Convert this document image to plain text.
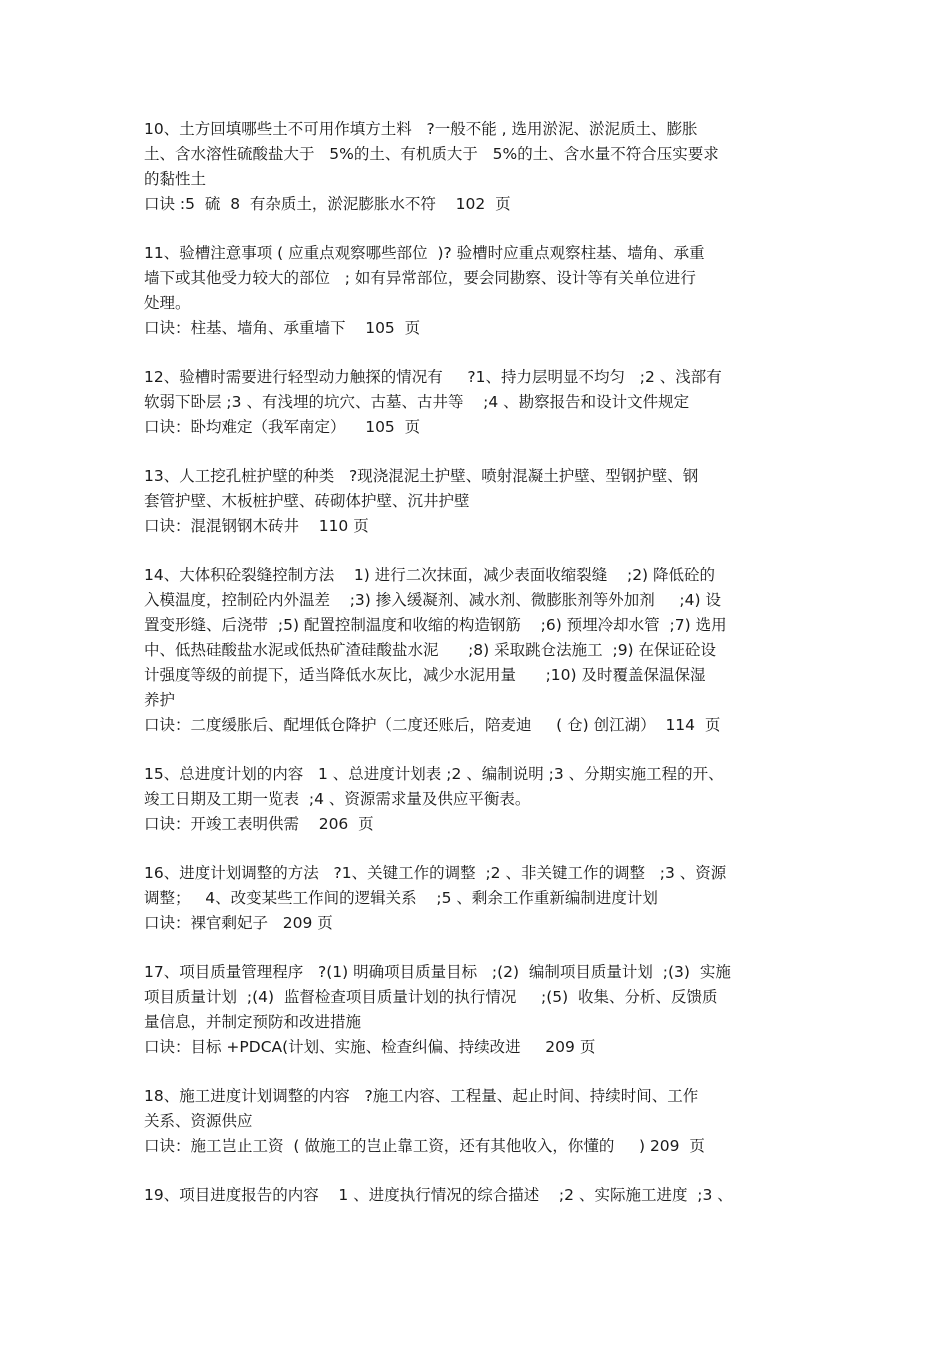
10、土方回填哪些土不可用作填方土料   ?一般不能 , 选用淤泥、淤泥质土、膨胀
土、含水溶性硫酸盐大于   5%的土、有机质大于   5%的土、含水量不符合压实要求
的黏性土
口诀 :5  硫  8  有杂质土，淤泥膨胀水不符    102  页
11、验槽注意事项 ( 应重点观察哪些部位  )? 验槽时应重点观察柱基、墙角、承重
墙下或其他受力较大的部位   ; 如有异常部位，要会同勘察、设计等有关单位进行
处理。
口诀：柱基、墙角、承重墙下    105  页
12、验槽时需要进行轻型动力触探的情况有     ?1、持力层明显不均匀   ;2 、浅部有
软弱下卧层 ;3 、有浅埋的坑穴、古墓、古井等    ;4 、勘察报告和设计文件规定
口诀：卧均难定（我军南定）    105  页
13、人工挖孔桩护壁的种类   ?现浇混泥土护壁、喷射混凝土护壁、型钢护壁、钢
套管护壁、木板桩护壁、砖砌体护壁、沉井护壁
口诀：混混钢钢木砖井    110 页
14、大体积砼裂缝控制方法    1) 进行二次抹面，减少表面收缩裂缝    ;2) 降低砼的
入模温度，控制砼内外温差    ;3) 掺入缓凝剂、减水剂、微膨胀剂等外加剂     ;4) 设
置变形缝、后浇带  ;5) 配置控制温度和收缩的构造钢筋    ;6) 预埋冷却水管  ;7) 选用
中、低热硅酸盐水泥或低热矿渣硅酸盐水泥      ;8) 采取跳仓法施工  ;9) 在保证砼设
计强度等级的前提下，适当降低水灰比，减少水泥用量      ;10) 及时覆盖保温保湿
养护
口诀：二度缓胀后、配埋低仓降护（二度还账后，陪麦迪     ( 仓) 创江湖）  114  页
15、总进度计划的内容   1 、总进度计划表 ;2 、编制说明 ;3 、分期实施工程的开、
竣工日期及工期一览表  ;4 、资源需求量及供应平衡表。
口诀：开竣工表明供需    206  页
16、进度计划调整的方法   ?1、关键工作的调整  ;2 、非关键工作的调整   ;3 、资源
调整；   4、改变某些工作间的逻辑关系    ;5 、剩余工作重新编制进度计划
口诀：裸官剩妃子   209 页
17、项目质量管理程序   ?(1) 明确项目质量目标   ;(2)  编制项目质量计划  ;(3)  实施
项目质量计划  ;(4)  监督检查项目质量计划的执行情况     ;(5)  收集、分析、反馈质
量信息，并制定预防和改进措施
口诀：目标 +PDCA(计划、实施、检查纠偏、持续改进     209 页
18、施工进度计划调整的内容   ?施工内容、工程量、起止时间、持续时间、工作
关系、资源供应
口诀：施工岂止工资  ( 做施工的岂止靠工资，还有其他收入，你懂的     ) 209  页
19、项目进度报告的内容    1 、进度执行情况的综合描述    ;2 、实际施工进度  ;3 、
